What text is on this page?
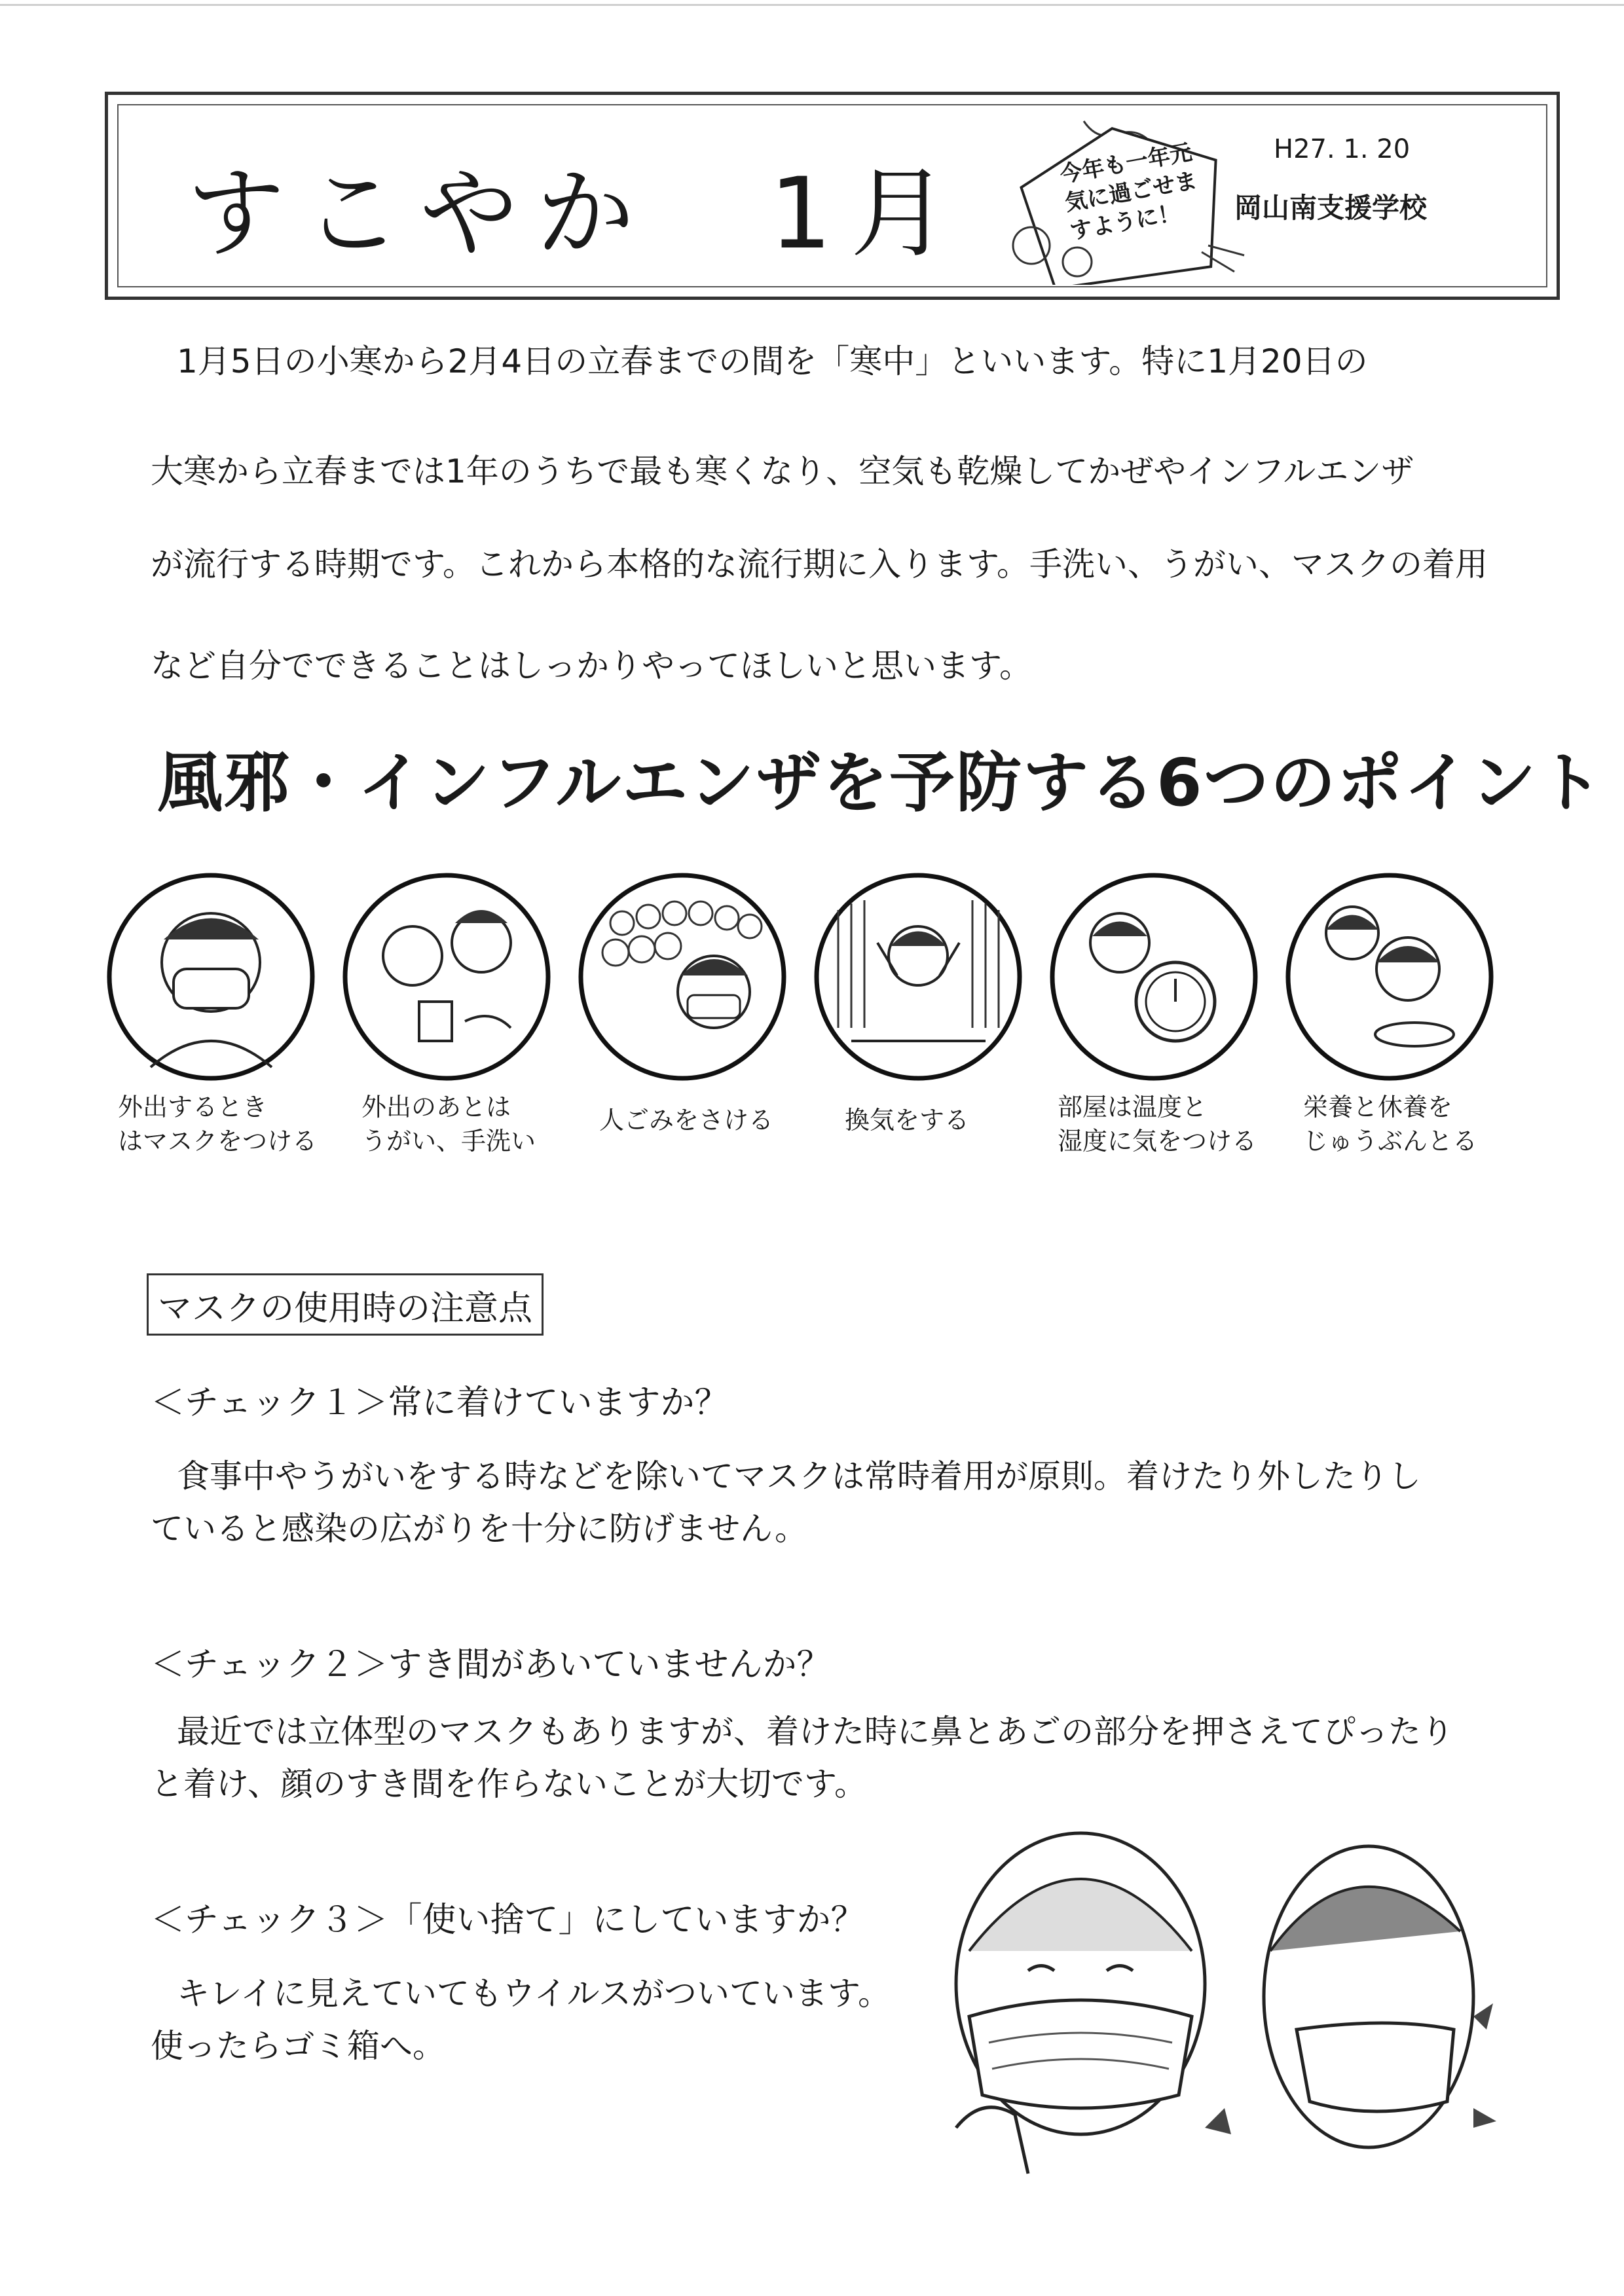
すこやか　1月	今年も一年元気に過ごせますように！
H27. 1. 20
岡山南支援学校
1月5日の小寒から2月4日の立春までの間を「寒中」といいます。特に1月20日の
大寒から立春までは1年のうちで最も寒くなり、空気も乾燥してかぜやインフルエンザ
が流行する時期です。これから本格的な流行期に入ります。手洗い、うがい、マスクの着用
など自分でできることはしっかりやってほしいと思います。
風邪・インフルエンザを予防する6つのポイント
外出するとき
はマスクをつける
外出のあとは
うがい、手洗い
人ごみをさける	換気をする	部屋は温度と
湿度に気をつける
栄養と休養を
じゅうぶんとる
マスクの使用時の注意点
＜チェック１＞常に着けていますか？
食事中やうがいをする時などを除いてマスクは常時着用が原則。着けたり外したりし
ていると感染の広がりを十分に防げません。
＜チェック２＞すき間があいていませんか？
最近では立体型のマスクもありますが、着けた時に鼻とあごの部分を押さえてぴったり
と着け、顔のすき間を作らないことが大切です。
＜チェック３＞「使い捨て」にしていますか？
キレイに見えていてもウイルスがついています。
使ったらゴミ箱へ。
